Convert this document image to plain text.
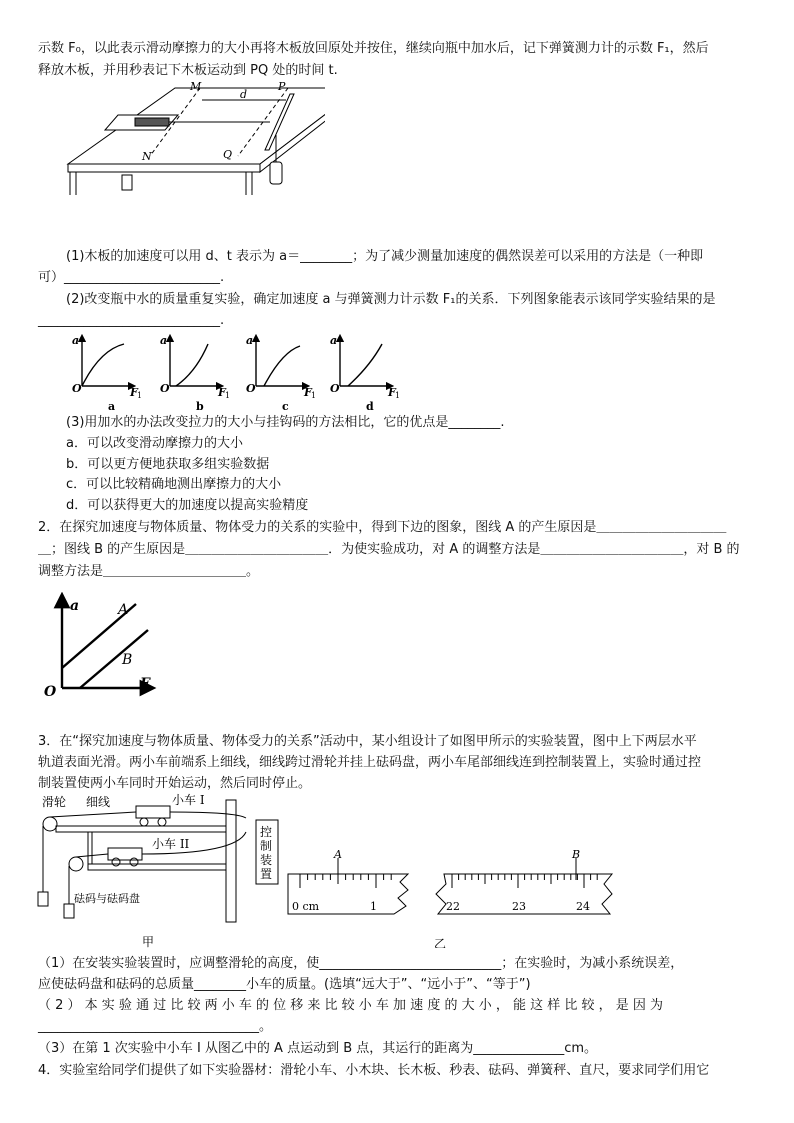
示数 F₀，以此表示滑动摩擦力的大小再将木板放回原处并按住，继续向瓶中加水后，记下弹簧测力计的示数 F₁，然后
释放木板，并用秒表记下木板运动到 PQ 处的时间 t.
M	P
N	Q
d
(1)木板的加速度可以用 d、t 表示为 a＝________；为了减少测量加速度的偶然误差可以采用的方法是（一种即
可）________________________.
(2)改变瓶中水的质量重复实验，确定加速度 a 与弹簧测力计示数 F₁的关系．下列图象能表示该同学实验结果的是
____________________________.
a
O	F
a
O	F
a
O	F
a
O	F
1	1	1	1
a	b	c	d
(3)用加水的办法改变拉力的大小与挂钩码的方法相比，它的优点是________.
a．可以改变滑动摩擦力的大小
b．可以更方便地获取多组实验数据
c．可以比较精确地测出摩擦力的大小
d．可以获得更大的加速度以提高实验精度
2．在探究加速度与物体质量、物体受力的关系的实验中，得到下边的图象，图线 A 的产生原因是＿＿＿＿＿＿＿＿＿＿
＿；图线 B 的产生原因是＿＿＿＿＿＿＿＿＿＿＿．为使实验成功，对 A 的调整方法是＿＿＿＿＿＿＿＿＿＿＿，对 B 的
调整方法是＿＿＿＿＿＿＿＿＿＿＿。
a
O	F
A
B
3．在“探究加速度与物体质量、物体受力的关系”活动中，某小组设计了如图甲所示的实验装置，图中上下两层水平
轨道表面光滑。两小车前端系上细线，细线跨过滑轮并挂上砝码盘，两小车尾部细线连到控制装置上，实验时通过控
制装置使两小车同时开始运动，然后同时停止。
滑轮 细线	小车 I
小车 II
砝码与砝码盘
控
制
装
置
甲
A	B
0 cm	1	22	23	24
乙
（1）在安装实验装置时，应调整滑轮的高度，使____________________________；在实验时，为减小系统误差，
应使砝码盘和砝码的总质量________小车的质量。(选填“远大于”、“远小于”、“等于”)
（ 2 ） 本 实 验 通 过 比 较 两 小 车 的 位 移 来 比 较 小 车 加 速 度 的 大 小 ， 能 这 样 比 较 ， 是 因 为
__________________________________。
（3）在第 1 次实验中小车 I 从图乙中的 A 点运动到 B 点，其运行的距离为______________cm。
4．实验室给同学们提供了如下实验器材：滑轮小车、小木块、长木板、秒表、砝码、弹簧秤、直尺，要求同学们用它
